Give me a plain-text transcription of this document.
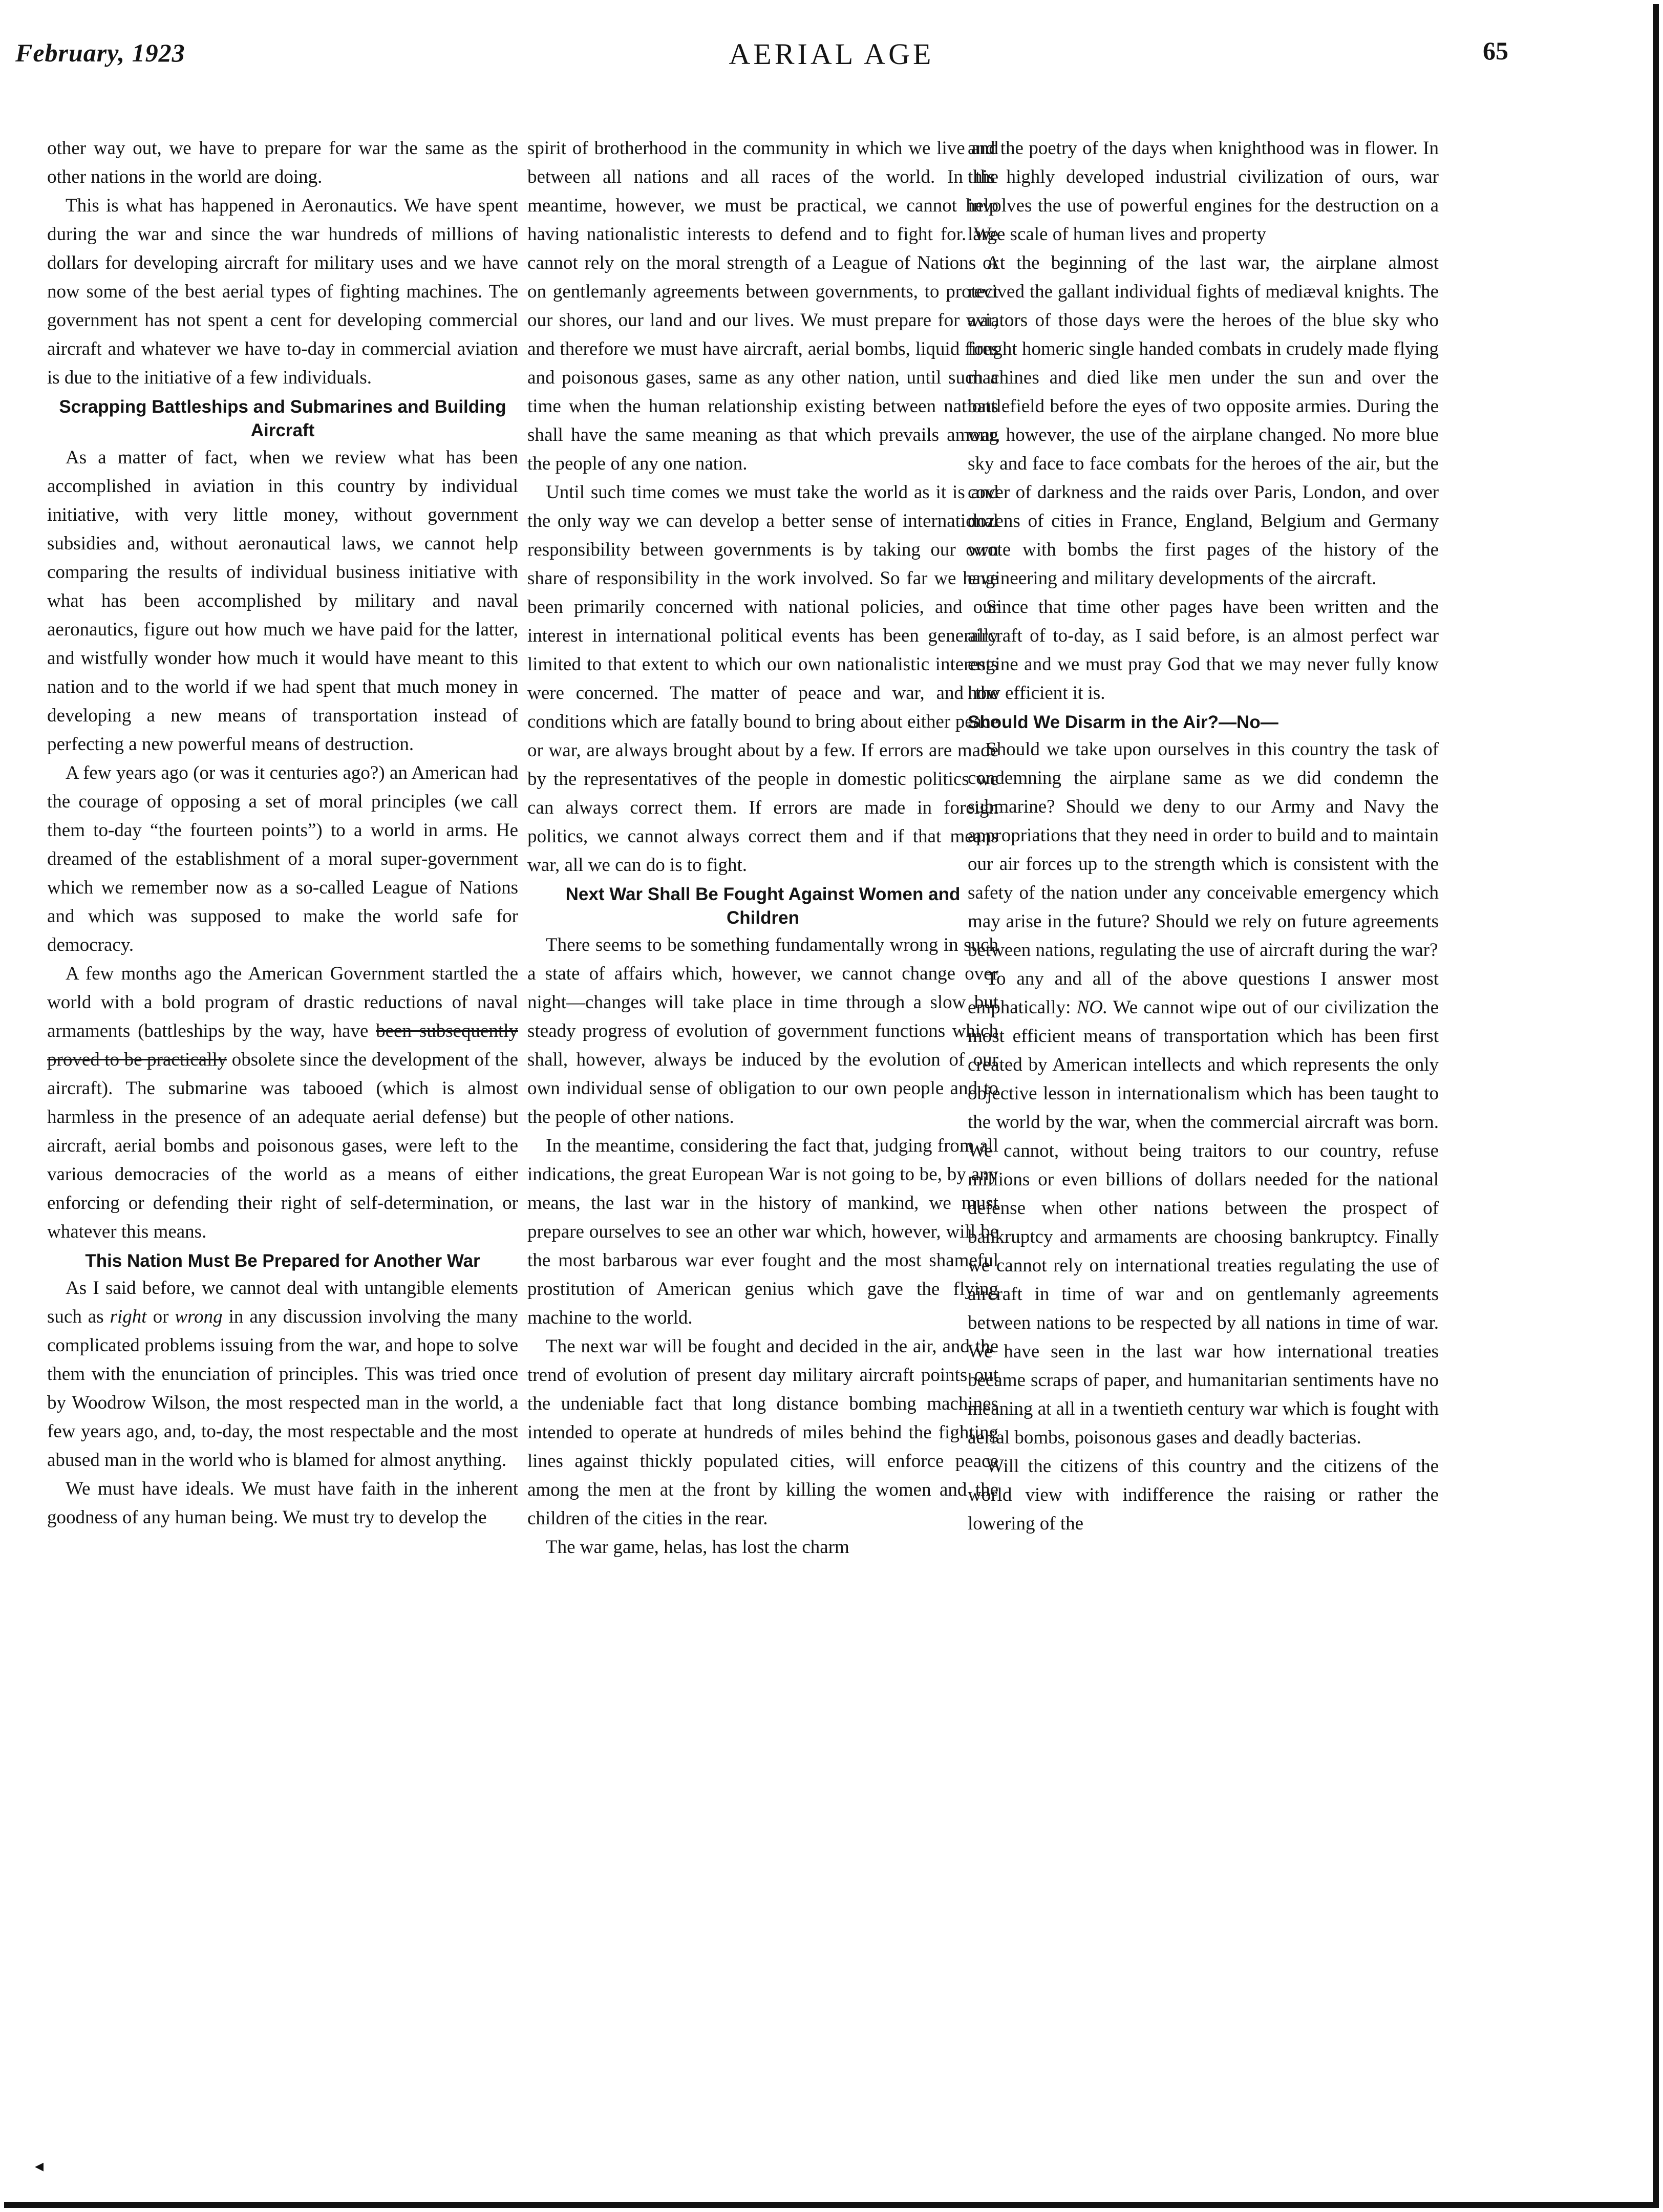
February, 1923	AERIAL AGE	65

other way out, we have to prepare for war the same as the other nations in the world are doing.

This is what has happened in Aeronautics. We have spent during the war and since the war hundreds of millions of dollars for developing aircraft for military uses and we have now some of the best aerial types of fighting machines. The government has not spent a cent for developing commercial aircraft and whatever we have to-day in commercial aviation is due to the initiative of a few individuals.

Scrapping Battleships and Submarines and Building Aircraft

As a matter of fact, when we review what has been accomplished in aviation in this country by individual initiative, with very little money, without government subsidies and, without aeronautical laws, we cannot help comparing the results of individual business initiative with what has been accomplished by military and naval aeronautics, figure out how much we have paid for the latter, and wistfully wonder how much it would have meant to this nation and to the world if we had spent that much money in developing a new means of transportation instead of perfecting a new powerful means of destruction.

A few years ago (or was it centuries ago?) an American had the courage of opposing a set of moral principles (we call them to-day “the fourteen points”) to a world in arms. He dreamed of the establishment of a moral super-government which we remember now as a so-called League of Nations and which was supposed to make the world safe for democracy.

A few months ago the American Government startled the world with a bold program of drastic reductions of naval armaments (battleships by the way, have been subsequently proved to be practically obsolete since the development of the aircraft). The submarine was tabooed (which is almost harmless in the presence of an adequate aerial defense) but aircraft, aerial bombs and poisonous gases, were left to the various democracies of the world as a means of either enforcing or defending their right of self-determination, or whatever this means.

This Nation Must Be Prepared for Another War

As I said before, we cannot deal with untangible elements such as right or wrong in any discussion involving the many complicated problems issuing from the war, and hope to solve them with the enunciation of principles. This was tried once by Woodrow Wilson, the most respected man in the world, a few years ago, and, to-day, the most respectable and the most abused man in the world who is blamed for almost anything.

We must have ideals. We must have faith in the inherent goodness of any human being. We must try to develop the

spirit of brotherhood in the community in which we live and between all nations and all races of the world. In the meantime, however, we must be practical, we cannot help having nationalistic interests to defend and to fight for. We cannot rely on the moral strength of a League of Nations or on gentlemanly agreements between governments, to protect our shores, our land and our lives. We must prepare for war, and therefore we must have aircraft, aerial bombs, liquid fires and poisonous gases, same as any other nation, until such a time when the human relationship existing between nations shall have the same meaning as that which prevails among the people of any one nation.

Until such time comes we must take the world as it is and the only way we can develop a better sense of international responsibility between governments is by taking our own share of responsibility in the work involved. So far we have been primarily concerned with national policies, and our interest in international political events has been generally limited to that extent to which our own nationalistic interests were concerned. The matter of peace and war, and the conditions which are fatally bound to bring about either peace or war, are always brought about by a few. If errors are made by the representatives of the people in domestic politics we can always correct them. If errors are made in foreign politics, we cannot always correct them and if that means war, all we can do is to fight.

Next War Shall Be Fought Against Women and Children

There seems to be something fundamentally wrong in such a state of affairs which, however, we cannot change over night—changes will take place in time through a slow but steady progress of evolution of government functions which shall, however, always be induced by the evolution of our own individual sense of obligation to our own people and to the people of other nations.

In the meantime, considering the fact that, judging from all indications, the great European War is not going to be, by any means, the last war in the history of mankind, we must prepare ourselves to see an other war which, however, will be the most barbarous war ever fought and the most shameful prostitution of American genius which gave the flying machine to the world.

The next war will be fought and decided in the air, and the trend of evolution of present day military aircraft points out the undeniable fact that long distance bombing machines intended to operate at hundreds of miles behind the fighting lines against thickly populated cities, will enforce peace among the men at the front by killing the women and the children of the cities in the rear.

The war game, helas, has lost the charm

and the poetry of the days when knighthood was in flower. In this highly developed industrial civilization of ours, war involves the use of powerful engines for the destruction on a large scale of human lives and property

At the beginning of the last war, the airplane almost revived the gallant individual fights of mediæval knights. The aviators of those days were the heroes of the blue sky who fought homeric single handed combats in crudely made flying machines and died like men under the sun and over the battlefield before the eyes of two opposite armies. During the war, however, the use of the airplane changed. No more blue sky and face to face combats for the heroes of the air, but the cover of darkness and the raids over Paris, London, and over dozens of cities in France, England, Belgium and Germany wrote with bombs the first pages of the history of the engineering and military developments of the aircraft.

Since that time other pages have been written and the aircraft of to-day, as I said before, is an almost perfect war engine and we must pray God that we may never fully know how efficient it is.

Should We Disarm in the Air?—No—

Should we take upon ourselves in this country the task of condemning the airplane same as we did condemn the submarine? Should we deny to our Army and Navy the appropriations that they need in order to build and to maintain our air forces up to the strength which is consistent with the safety of the nation under any conceivable emergency which may arise in the future? Should we rely on future agreements between nations, regulating the use of aircraft during the war?

To any and all of the above questions I answer most emphatically: NO. We cannot wipe out of our civilization the most efficient means of transportation which has been first created by American intellects and which represents the only objective lesson in internationalism which has been taught to the world by the war, when the commercial aircraft was born. We cannot, without being traitors to our country, refuse millions or even billions of dollars needed for the national defense when other nations between the prospect of bankruptcy and armaments are choosing bankruptcy. Finally we cannot rely on international treaties regulating the use of aircraft in time of war and on gentlemanly agreements between nations to be respected by all nations in time of war. We have seen in the last war how international treaties became scraps of paper, and humanitarian sentiments have no meaning at all in a twentieth century war which is fought with aerial bombs, poisonous gases and deadly bacterias.

Will the citizens of this country and the citizens of the world view with indifference the raising or rather the lowering of the

◂
